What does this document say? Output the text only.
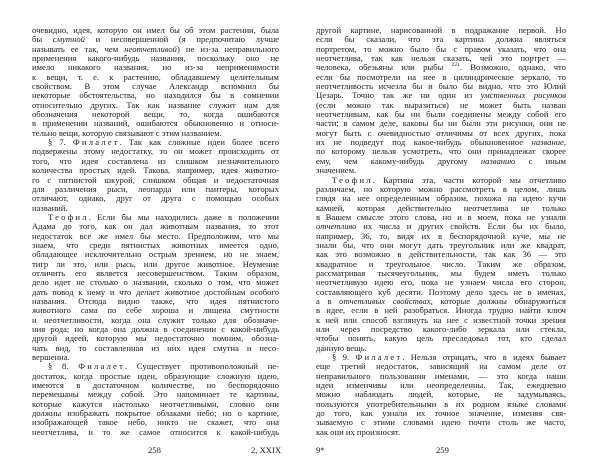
очевидно, идея, которую он имел бы об этом растении, была
бы смутной и несовершенной (я предпочитаю лучше
называть ее так, чем неотчетливой) не из-за неправильного
применения какого-нибудь названия, поскольку оно не
имело никакого названия, но из-за неприменимости
к вещи, т. е. к растению, обладавшему целительным
свойством. В этом случае Александр вспомнил бы
некоторые обстоятельства, но находился бы в сомнении
относительно других. Так как название служит нам для
обозначения некоторой вещи, то, когда ошибаются
в применении названий, ошибаются обыкновенно и относи-
тельно вещи, которую связывают с этим названием.
§ 7. Филалет. Так как сложные идеи более всего
подвержены этому недостатку, то он может происходить от
того, что идея составлена из слишком незначительного
количества простых идей. Такова, например, идея животно-
го с пятнистой шкурой, слишком общая и недостаточная
для различения рыси, леопарда или пантеры, которых
отличают, однако, друг от друга с помощью особых
названий.
Теофил. Если бы мы находились даже в положении
Адама до того, как он дал животным названия, то этот
недостаток все же имел бы место. Предположим, что мы
знаем, что среди пятнистых животных имеется одно,
обладающее исключительно острым зрением, но не знаем,
тигр ли это, или рысь, или другое животное. Неумение
отличить его является несовершенством. Таким образом,
дело идет не столько о названии, сколько о том, что может
дать повод к нему и что делает животное достойным особого
названия. Отсюда видно также, что идея пятнистого
животного сама по себе хороша и лишена смутности
и неотчетливости, когда она служит только для обозначе-
ния рода; но когда она должна в соединении с какой-нибудь
другой идеей, которую мы недостаточно помним, обозна-
чать вид, то составленная из них идея смутна и несо-
вершенна.
§ 8. Филалет. Существует противоположный не-
достаток, когда простые идеи, образующие сложную идею,
имеются в достаточном количестве, но беспорядочно
перемешаны между собой. Это напоминает те картины,
которые кажутся настолько неотчетливыми, словно они
должны изображать покрытое облаками небо; но о картине,
изображающей такое небо, никто не скажет, что она
неотчетлива, и то же самое относится к какой-нибудь
другой картине, нарисованной в подражание первой. Но
если бы сказали, что эта картина должна являться
портретом, то можно было бы с правом указать, что она
неотчетлива, так как нельзя сказать, чей это портрет —
человека, обезьяны или рыбы $^{221}$. Возможно, однако, что
если бы посмотрели на нее в цилиндрическое зеркало, то
неотчетливость исчезла бы и было бы видно, что это Юлий
Цезарь. Точно так же ни один из умственных рисунков
(если можно так выразиться) не может быть назван
неотчетливым, как бы ни были соединены между собой его
части; в самом деле, каковы бы ни были эти рисунки, они не
могут быть с очевидностью отличимы от всех других, пока
их не подведут под какое-нибудь обыкновенное название,
по которому нельзя усмотреть, что они принадлежат скорее
ему, чем какому-нибудь другому названию с иным
значением.
Теофил. Картина эта, части которой мы отчетливо
различаем, но которую можно рассмотреть в целом, лишь
глядя на нее определенным образом, похожа на идею кучи
камней, которая действительно неотчетлива не только
в Вашем смысле этого слова, но и в моем, пока не узнали
отчетливо их числа и других свойств. Если бы их было,
например, 36, то, видя их в беспорядочной куче, мы не
знали бы, что они могут дать треугольник или же квадрат,
как это возможно в действительности, так как 36 — это
квадратное и треугольное число. Таким же образом,
рассматривая тысячеугольник, мы будем иметь только
неотчетливую идею его, пока не узнаем числа его сторон,
составляющего куб десяти. Поэтому дело здесь не в именах,
а в отчетливых свойствах, которые должны обнаружиться
в идее, если в ней разобраться. Иногда трудно найти ключ
к ней или способ взглянуть на нее с известной точки зрения
или через посредство какого-либо зеркала или стекла,
чтобы понять, какую цель преследовал тот, кто сделал
данную вещь.
§ 9. Филалет. Нельзя отрицать, что в идеях бывает
еще третий недостаток, зависящий на самом деле от
неправильного пользования именами, — это когда наши
идеи изменчивы или неопределенны. Так, ежедневно
можно наблюдать людей, которые, не задумываясь,
пользуются употребительными в их родном языке словами
до того, как узнали их точное значение, изменяя свя-
зываемую с этими словами идею почти столь же часто,
как они их произносят.
258	2, XXIX	9*	259
